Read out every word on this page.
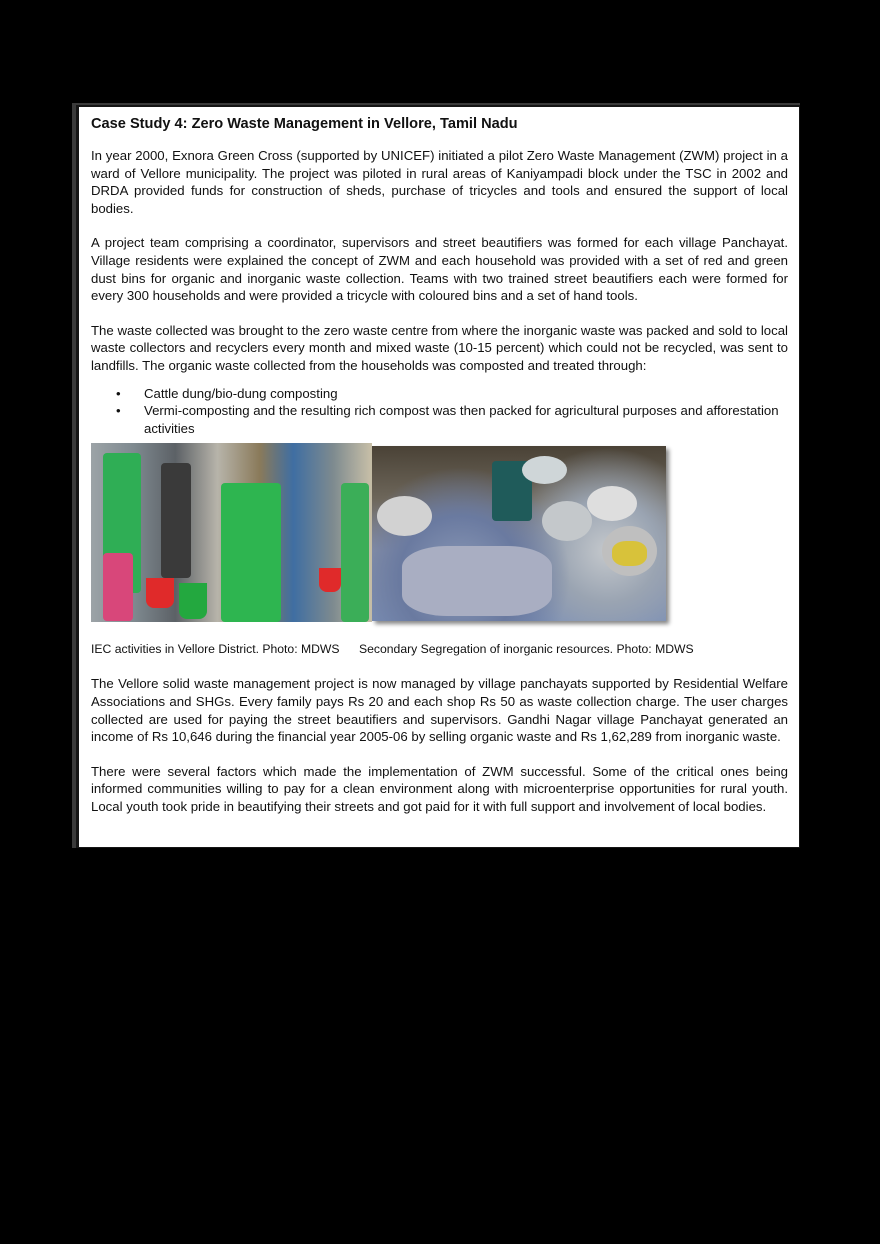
Case Study 4: Zero Waste Management in Vellore, Tamil Nadu

In year 2000, Exnora Green Cross (supported by UNICEF) initiated a pilot Zero Waste Management (ZWM) project in a ward of Vellore municipality. The project was piloted in rural areas of Kaniyampadi block under the TSC in 2002 and DRDA provided funds for construction of sheds, purchase of tricycles and tools and ensured the support of local bodies.

A project team comprising a coordinator, supervisors and street beautifiers was formed for each village Panchayat. Village residents were explained the concept of ZWM and each household was provided with a set of red and green dust bins for organic and inorganic waste collection. Teams with two trained street beautifiers each were formed for every 300 households and were provided a tricycle with coloured bins and a set of hand tools.

The waste collected was brought to the zero waste centre from where the inorganic waste was packed and sold to local waste collectors and recyclers every month and mixed waste (10-15 percent) which could not be recycled, was sent to landfills. The organic waste collected from the households was composted and treated through:

• Cattle dung/bio-dung composting
• Vermi-composting and the resulting rich compost was then packed for agricultural purposes and afforestation activities
IEC activities in Vellore District. Photo: MDWS Secondary Segregation of inorganic resources. Photo: MDWS

The Vellore solid waste management project is now managed by village panchayats supported by Residential Welfare Associations and SHGs. Every family pays Rs 20 and each shop Rs 50 as waste collection charge. The user charges collected are used for paying the street beautifiers and supervisors. Gandhi Nagar village Panchayat generated an income of Rs 10,646 during the financial year 2005-06 by selling organic waste and Rs 1,62,289 from inorganic waste.

There were several factors which made the implementation of ZWM successful. Some of the critical ones being informed communities willing to pay for a clean environment along with microenterprise opportunities for rural youth. Local youth took pride in beautifying their streets and got paid for it with full support and involvement of local bodies.
